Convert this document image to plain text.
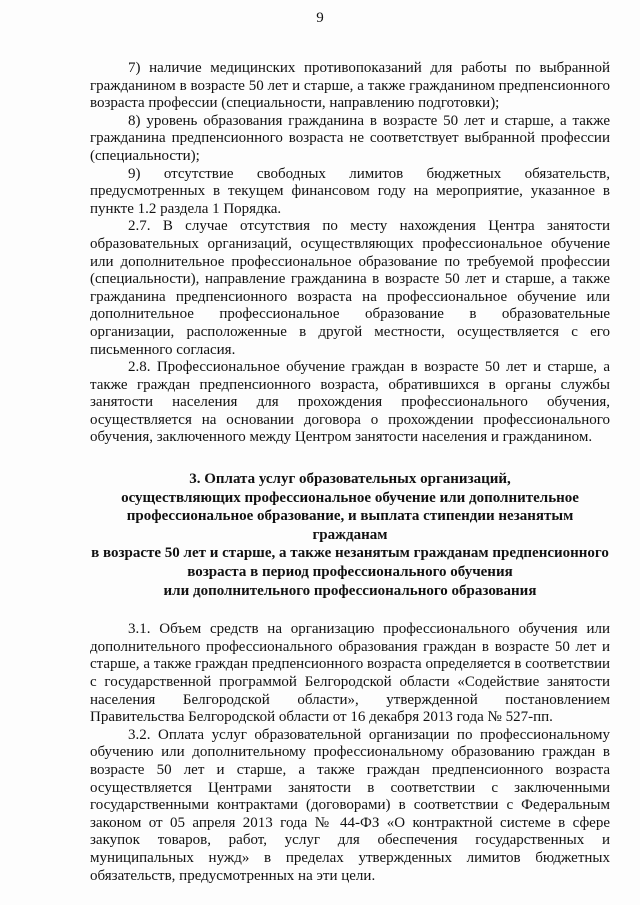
9

7) наличие медицинских противопоказаний для работы по выбранной гражданином в возрасте 50 лет и старше, а также гражданином предпенсионного возраста профессии (специальности, направлению подготовки);

8) уровень образования гражданина в возрасте 50 лет и старше, а также гражданина предпенсионного возраста не соответствует выбранной профессии (специальности);

9) отсутствие свободных лимитов бюджетных обязательств, предусмотренных в текущем финансовом году на мероприятие, указанное в пункте 1.2 раздела 1 Порядка.

2.7. В случае отсутствия по месту нахождения Центра занятости образовательных организаций, осуществляющих профессиональное обучение или дополнительное профессиональное образование по требуемой профессии (специальности), направление гражданина в возрасте 50 лет и старше, а также гражданина предпенсионного возраста на профессиональное обучение или дополнительное профессиональное образование в образовательные организации, расположенные в другой местности, осуществляется с его письменного согласия.

2.8. Профессиональное обучение граждан в возрасте 50 лет и старше, а также граждан предпенсионного возраста, обратившихся в органы службы занятости населения для прохождения профессионального обучения, осуществляется на основании договора о прохождении профессионального обучения, заключенного между Центром занятости населения и гражданином.

3. Оплата услуг образовательных организаций,
осуществляющих профессиональное обучение или дополнительное
профессиональное образование, и выплата стипендии незанятым гражданам
в возрасте 50 лет и старше, а также незанятым гражданам предпенсионного
возраста в период профессионального обучения
или дополнительного профессионального образования

3.1. Объем средств на организацию профессионального обучения или дополнительного профессионального образования граждан в возрасте 50 лет и старше, а также граждан предпенсионного возраста определяется в соответствии с государственной программой Белгородской области «Содействие занятости населения Белгородской области», утвержденной постановлением Правительства Белгородской области от 16 декабря 2013 года № 527-пп.

3.2. Оплата услуг образовательной организации по профессиональному обучению или дополнительному профессиональному образованию граждан в возрасте 50 лет и старше, а также граждан предпенсионного возраста осуществляется Центрами занятости в соответствии с заключенными государственными контрактами (договорами) в соответствии с Федеральным законом от 05 апреля 2013 года № 44-ФЗ «О контрактной системе в сфере закупок товаров, работ, услуг для обеспечения государственных и муниципальных нужд» в пределах утвержденных лимитов бюджетных обязательств, предусмотренных на эти цели.
